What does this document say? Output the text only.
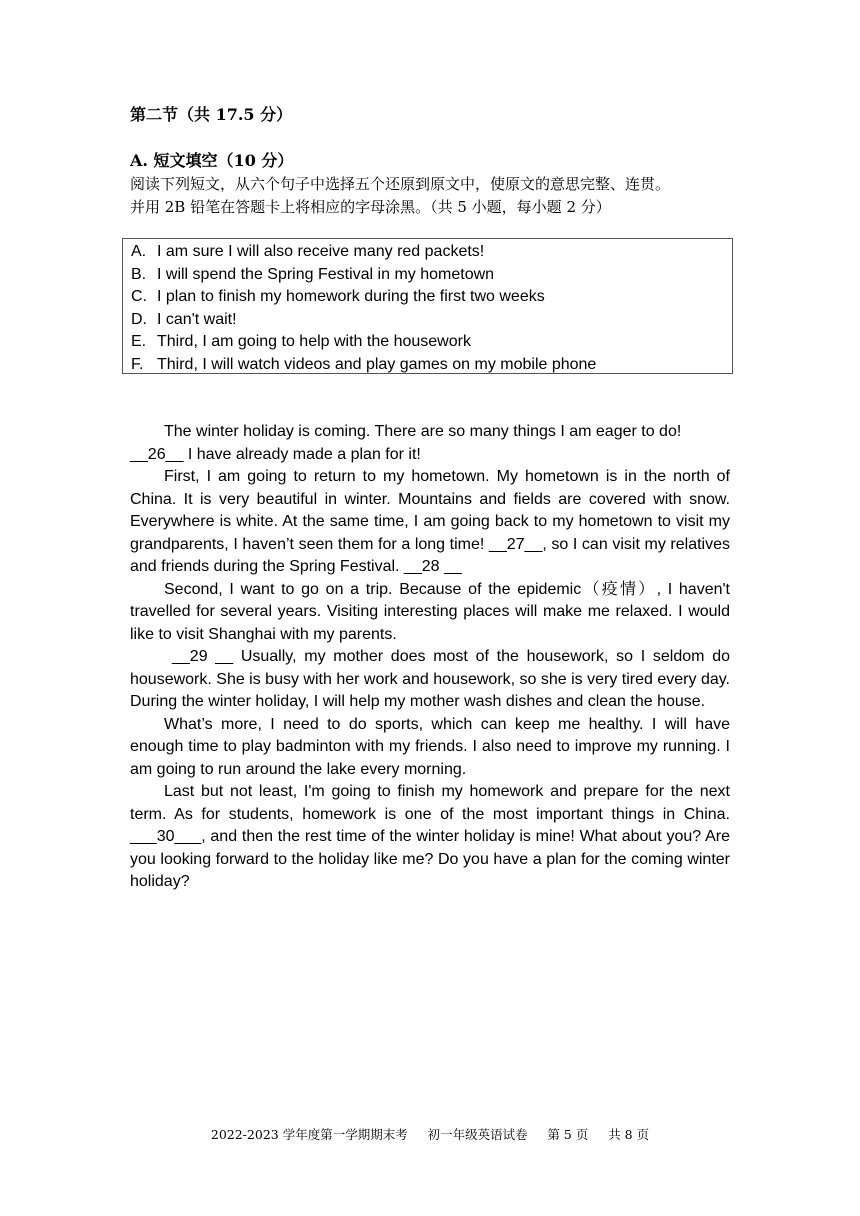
第二节（共 17.5 分）
A. 短文填空（10 分）

阅读下列短文，从六个句子中选择五个还原到原文中，使原文的意思完整、连贯。

并用 2B 铅笔在答题卡上将相应的字母涂黑。（共 5 小题，每小题 2 分）

A. I am sure I will also receive many red packets!
B. I will spend the Spring Festival in my hometown
C. I plan to finish my homework during the first two weeks
D. I can't wait!
E. Third, I am going to help with the housework
F. Third, I will watch videos and play games on my mobile phone

The winter holiday is coming. There are so many things I am eager to do!

__26__ I have already made a plan for it!

First, I am going to return to my hometown. My hometown is in the north of China. It is very beautiful in winter. Mountains and fields are covered with snow. Everywhere is white. At the same time, I am going back to my hometown to visit my grandparents, I haven’t seen them for a long time! __27__, so I can visit my relatives and friends during the Spring Festival. __28 __

Second, I want to go on a trip. Because of the epidemic（疫情）, I haven't travelled for several years. Visiting interesting places will make me relaxed. I would like to visit Shanghai with my parents.

__29 __ Usually, my mother does most of the housework, so I seldom do housework. She is busy with her work and housework, so she is very tired every day. During the winter holiday, I will help my mother wash dishes and clean the house.

What’s more, I need to do sports, which can keep me healthy. I will have enough time to play badminton with my friends. I also need to improve my running. I am going to run around the lake every morning.

Last but not least, I'm going to finish my homework and prepare for the next term. As for students, homework is one of the most important things in China. ___30___, and then the rest time of the winter holiday is mine! What about you? Are you looking forward to the holiday like me? Do you have a plan for the coming winter holiday?

2022-2023 学年度第一学期期末考     初一年级英语试卷     第 5 页     共 8 页
